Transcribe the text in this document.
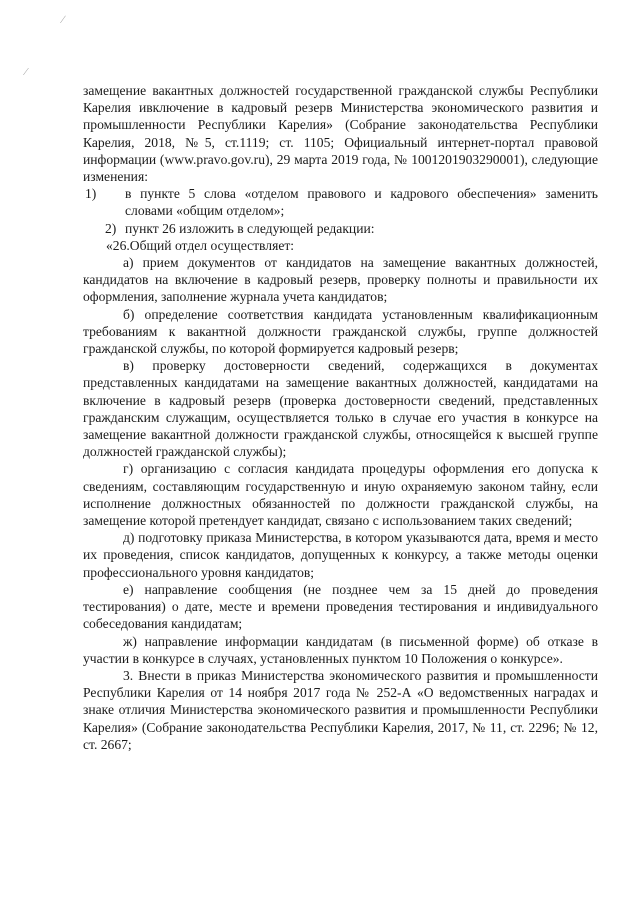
∕
⁄

замещение вакантных должностей государственной гражданской службы Республики Карелия ивключение в кадровый резерв Министерства экономического развития и промышленности Республики Карелия» (Собрание законодательства Республики Карелия, 2018, №5, ст.1119; ст. 1105; Официальный интернет-портал правовой информации (www.pravo.gov.ru), 29 марта 2019 года, № 1001201903290001), следующие изменения:

1) в пункте 5 слова «отделом правового и кадрового обеспечения» заменить словами «общим отделом»;

2) пункт 26 изложить в следующей редакции:

«26.Общий отдел осуществляет:

а) прием документов от кандидатов на замещение вакантных должностей, кандидатов на включение в кадровый резерв, проверку полноты и правильности их оформления, заполнение журнала учета кандидатов;

б) определение соответствия кандидата установленным квалификационным требованиям к вакантной должности гражданской службы, группе должностей гражданской службы, по которой формируется кадровый резерв;

в) проверку достоверности сведений, содержащихся в документах представленных кандидатами на замещение вакантных должностей, кандидатами на включение в кадровый резерв (проверка достоверности сведений, представленных гражданским служащим, осуществляется только в случае его участия в конкурсе на замещение вакантной должности гражданской службы, относящейся к высшей группе должностей гражданской службы);

г) организацию с согласия кандидата процедуры оформления его допуска к сведениям, составляющим государственную и иную охраняемую законом тайну, если исполнение должностных обязанностей по должности гражданской службы, на замещение которой претендует кандидат, связано с использованием таких сведений;

д) подготовку приказа Министерства, в котором указываются дата, время и место их проведения, список кандидатов, допущенных к конкурсу, а также методы оценки профессионального уровня кандидатов;

е) направление сообщения (не позднее чем за 15 дней до проведения тестирования) о дате, месте и времени проведения тестирования и индивидуального собеседования кандидатам;

ж) направление информации кандидатам (в письменной форме) об отказе в участии в конкурсе в случаях, установленных пунктом 10 Положения о конкурсе».

3. Внести в приказ Министерства экономического развития и промышленности Республики Карелия от 14 ноября 2017 года № 252-А «О ведомственных наградах и знаке отличия Министерства экономического развития и промышленности Республики Карелия» (Собрание законодательства Республики Карелия, 2017, № 11, ст. 2296; № 12, ст. 2667;
